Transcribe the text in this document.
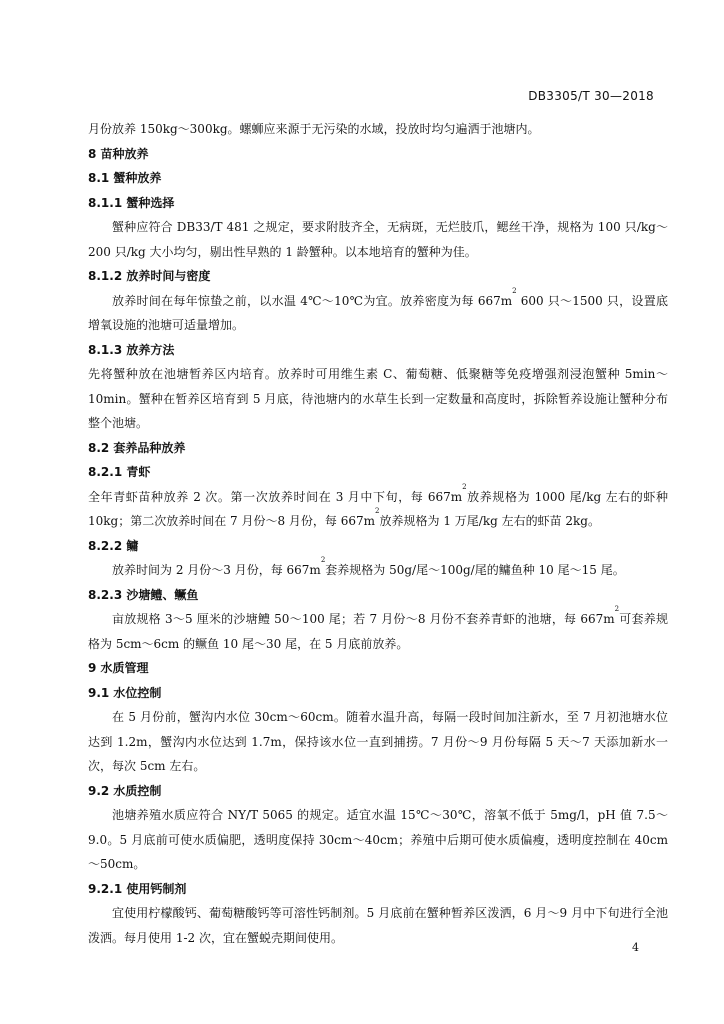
DB3305/T 30—2018

月份放养 150kg～300kg。螺蛳应来源于无污染的水域，投放时均匀遍洒于池塘内。

8 苗种放养

8.1 蟹种放养

8.1.1 蟹种选择

蟹种应符合 DB33/T 481 之规定，要求附肢齐全，无病斑，无烂肢爪，鳃丝干净，规格为 100 只/kg～200 只/kg 大小均匀，剔出性早熟的 1 龄蟹种。以本地培育的蟹种为佳。

8.1.2 放养时间与密度

放养时间在每年惊蛰之前，以水温 4℃～10℃为宜。放养密度为每 $667m^2$ 600 只～1500 只，设置底增氧设施的池塘可适量增加。

8.1.3 放养方法

先将蟹种放在池塘暂养区内培育。放养时可用维生素 C、葡萄糖、低聚糖等免疫增强剂浸泡蟹种 5min～10min。蟹种在暂养区培育到 5 月底，待池塘内的水草生长到一定数量和高度时，拆除暂养设施让蟹种分布整个池塘。

8.2 套养品种放养

8.2.1 青虾

全年青虾苗种放养 2 次。第一次放养时间在 3 月中下旬，每 $667m^2$放养规格为 1000 尾/kg 左右的虾种 10kg；第二次放养时间在 7 月份～8 月份，每 $667m^2$放养规格为 1 万尾/kg 左右的虾苗 2kg。

8.2.2 鳙

放养时间为 2 月份～3 月份，每 $667m^2$套养规格为 50g/尾～100g/尾的鳙鱼种 10 尾～15 尾。

8.2.3 沙塘鳢、鳜鱼

亩放规格 3～5 厘米的沙塘鳢 50～100 尾；若 7 月份～8 月份不套养青虾的池塘，每 $667m^2$可套养规格为 5cm～6cm 的鳜鱼 10 尾～30 尾，在 5 月底前放养。

9 水质管理

9.1 水位控制

在 5 月份前，蟹沟内水位 30cm～60cm。随着水温升高，每隔一段时间加注新水，至 7 月初池塘水位达到 1.2m，蟹沟内水位达到 1.7m，保持该水位一直到捕捞。7 月份～9 月份每隔 5 天～7 天添加新水一次，每次 5cm 左右。

9.2 水质控制

池塘养殖水质应符合 NY/T 5065 的规定。适宜水温 15℃～30℃，溶氧不低于 5mg/l，pH 值 7.5～9.0。5 月底前可使水质偏肥，透明度保持 30cm～40cm；养殖中后期可使水质偏瘦，透明度控制在 40cm～50cm。

9.2.1 使用钙制剂

宜使用柠檬酸钙、葡萄糖酸钙等可溶性钙制剂。5 月底前在蟹种暂养区泼洒，6 月～9 月中下旬进行全池泼洒。每月使用 1-2 次，宜在蟹蜕壳期间使用。

4
